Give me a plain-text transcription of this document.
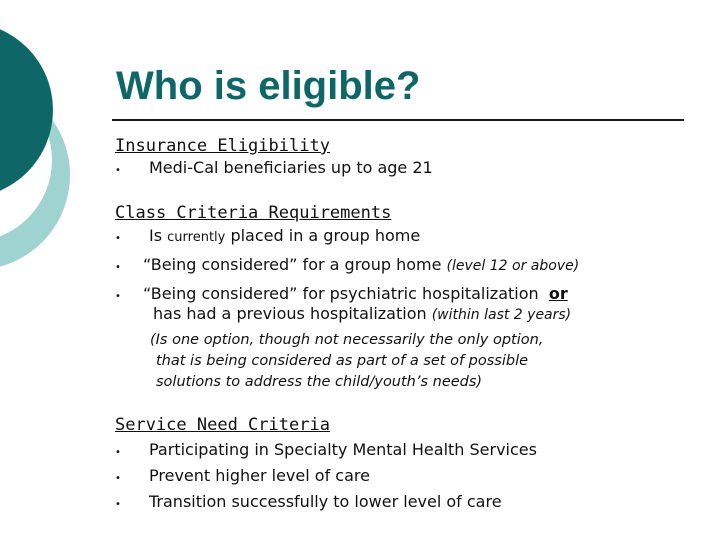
Who is eligible?
Insurance Eligibility
• Medi-Cal beneficiaries up to age 21
Class Criteria Requirements
• Is currently placed in a group home
• “Being considered” for a group home (level 12 or above)
• “Being considered” for psychiatric hospitalization or
has had a previous hospitalization (within last 2 years)
(Is one option, though not necessarily the only option,
that is being considered as part of a set of possible
solutions to address the child/youth’s needs)
Service Need Criteria
• Participating in Specialty Mental Health Services
• Prevent higher level of care
• Transition successfully to lower level of care
